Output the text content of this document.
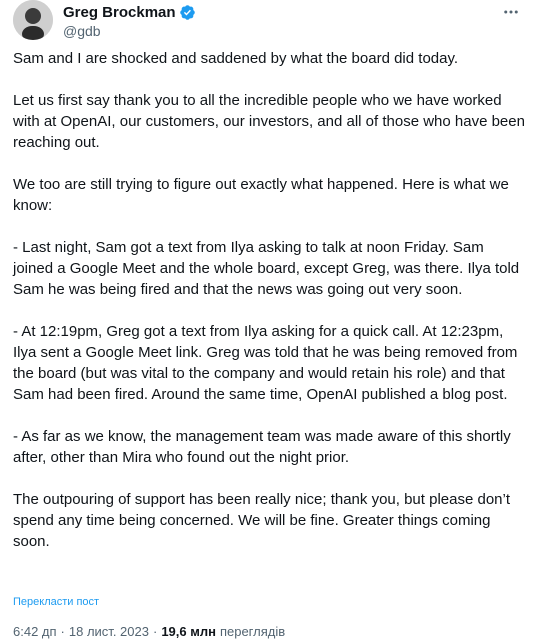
Greg Brockman
@gdb

Sam and I are shocked and saddened by what the board did today.

Let us first say thank you to all the incredible people who we have worked with at OpenAI, our customers, our investors, and all of those who have been reaching out.

We too are still trying to figure out exactly what happened. Here is what we know:

- Last night, Sam got a text from Ilya asking to talk at noon Friday. Sam joined a Google Meet and the whole board, except Greg, was there. Ilya told Sam he was being fired and that the news was going out very soon.

- At 12:19pm, Greg got a text from Ilya asking for a quick call. At 12:23pm, Ilya sent a Google Meet link. Greg was told that he was being removed from the board (but was vital to the company and would retain his role) and that Sam had been fired. Around the same time, OpenAI published a blog post.

- As far as we know, the management team was made aware of this shortly after, other than Mira who found out the night prior.

The outpouring of support has been really nice; thank you, but please don’t spend any time being concerned. We will be fine. Greater things coming soon.

Перекласти пост
6:42 дп · 18 лист. 2023 · 19,6 млн переглядів
